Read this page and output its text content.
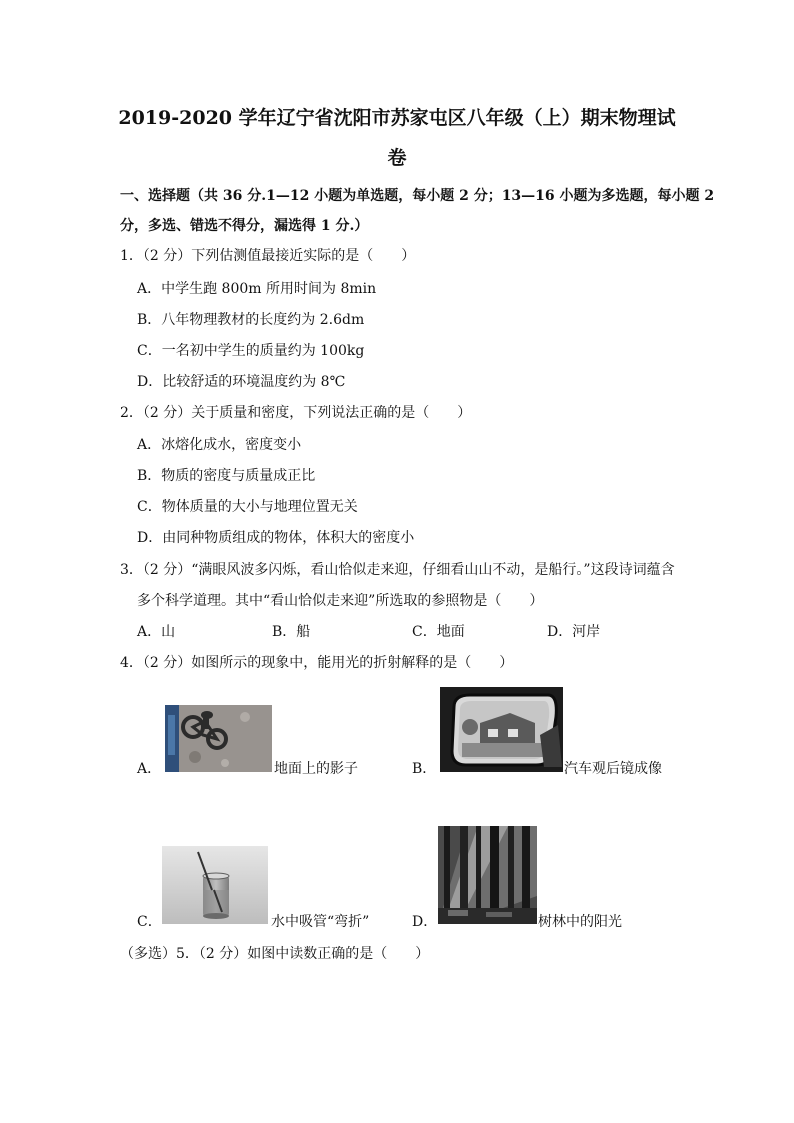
2019-2020 学年辽宁省沈阳市苏家屯区八年级（上）期末物理试
卷
一、选择题（共 36 分.1—12 小题为单选题，每小题 2 分；13—16 小题为多选题，每小题 2
分，多选、错选不得分，漏选得 1 分.）
1．（2 分）下列估测值最接近实际的是（　　）
A．中学生跑 800m 所用时间为 8min
B．八年物理教材的长度约为 2.6dm
C．一名初中学生的质量约为 100kg
D．比较舒适的环境温度约为 8℃
2．（2 分）关于质量和密度，下列说法正确的是（　　）
A．冰熔化成水，密度变小
B．物质的密度与质量成正比
C．物体质量的大小与地理位置无关
D．由同种物质组成的物体，体积大的密度小
3．（2 分）“满眼风波多闪烁，看山恰似走来迎，仔细看山山不动，是船行。”这段诗词蕴含
多个科学道理。其中“看山恰似走来迎”所选取的参照物是（　　）
A．山	B．船	C．地面	D．河岸
4．（2 分）如图所示的现象中，能用光的折射解释的是（　　）
A．	地面上的影子	B．	汽车观后镜成像
C．	水中吸管“弯折”	D．	树林中的阳光
（多选）5．（2 分）如图中读数正确的是（　　）
